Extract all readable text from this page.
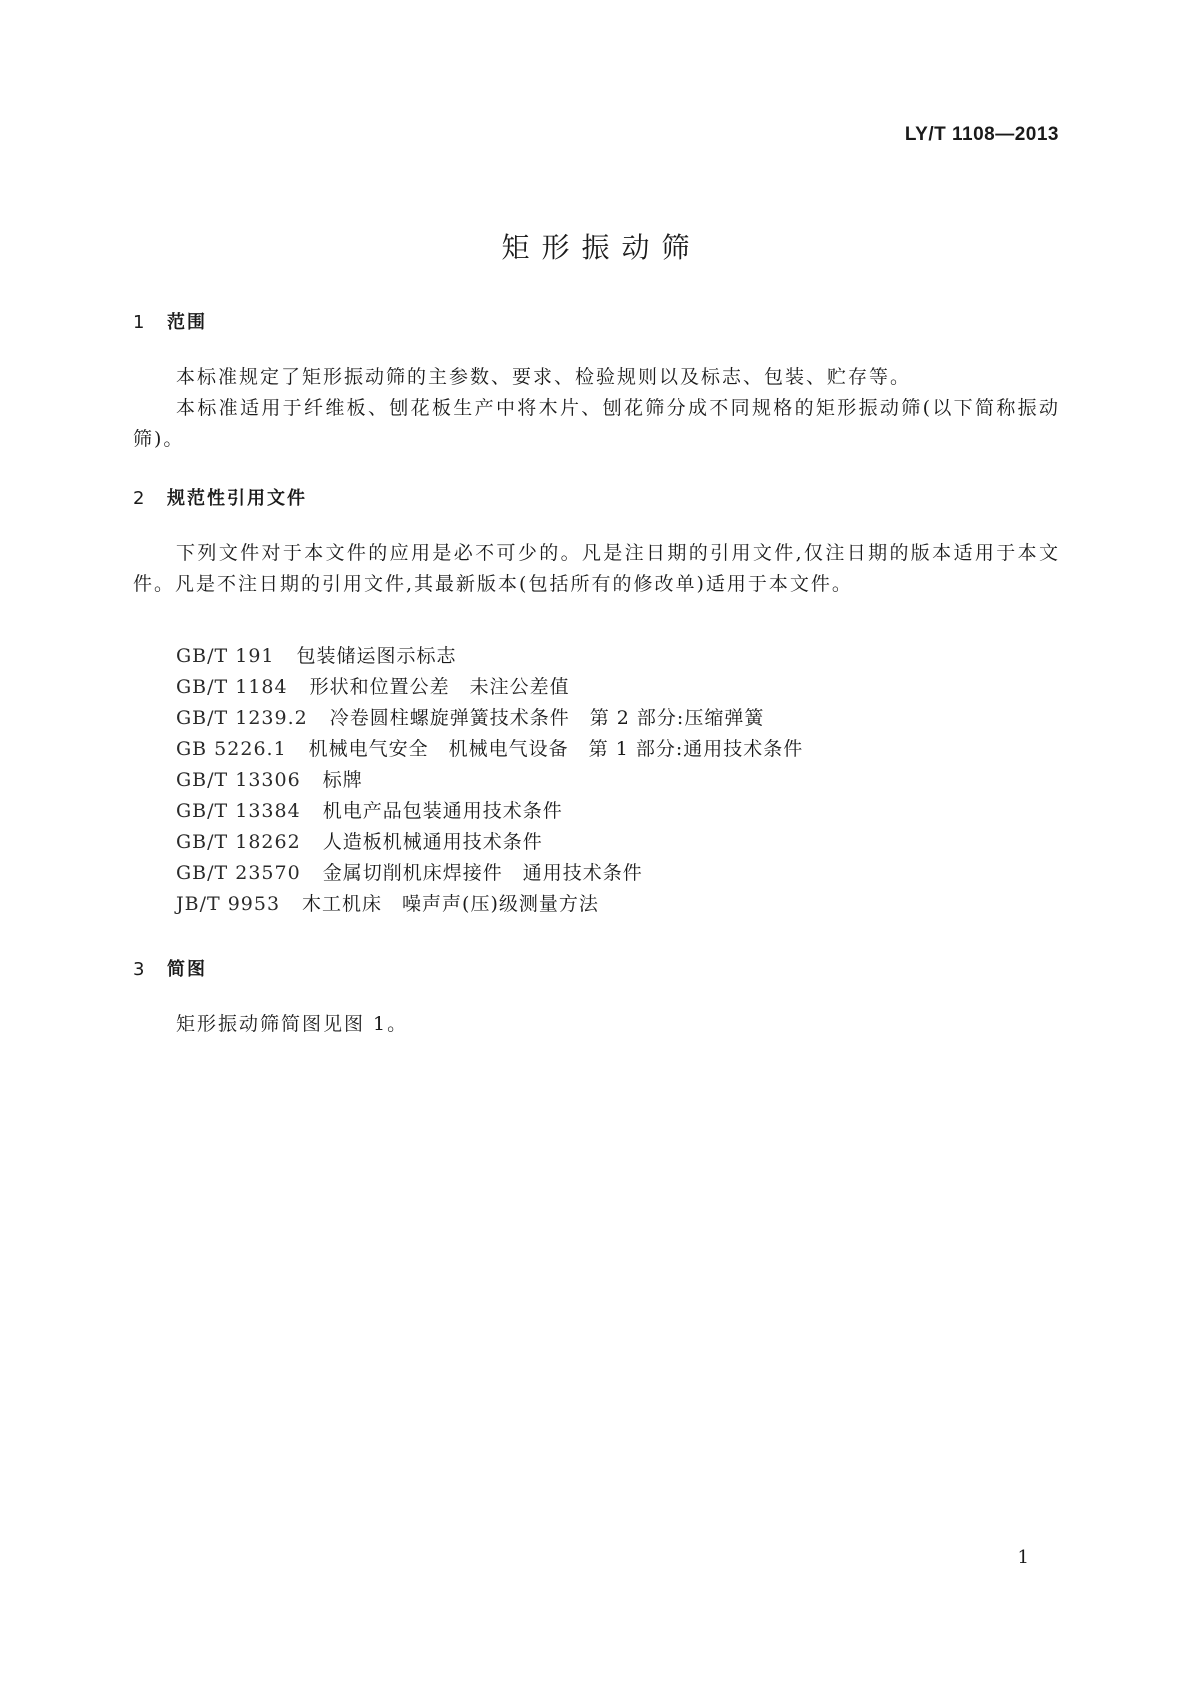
LY/T 1108—2013
矩形振动筛
1 范围

本标准规定了矩形振动筛的主参数、要求、检验规则以及标志、包装、贮存等。

本标准适用于纤维板、刨花板生产中将木片、刨花筛分成不同规格的矩形振动筛(以下简称振动筛)。

2 规范性引用文件

下列文件对于本文件的应用是必不可少的。凡是注日期的引用文件,仅注日期的版本适用于本文件。凡是不注日期的引用文件,其最新版本(包括所有的修改单)适用于本文件。

GB/T 191 包装储运图示标志
GB/T 1184 形状和位置公差　未注公差值
GB/T 1239.2 冷卷圆柱螺旋弹簧技术条件　第 2 部分:压缩弹簧
GB 5226.1 机械电气安全　机械电气设备　第 1 部分:通用技术条件
GB/T 13306 标牌
GB/T 13384 机电产品包装通用技术条件
GB/T 18262 人造板机械通用技术条件
GB/T 23570 金属切削机床焊接件　通用技术条件
JB/T 9953 木工机床　噪声声(压)级测量方法
3 简图

矩形振动筛简图见图 1。

1
